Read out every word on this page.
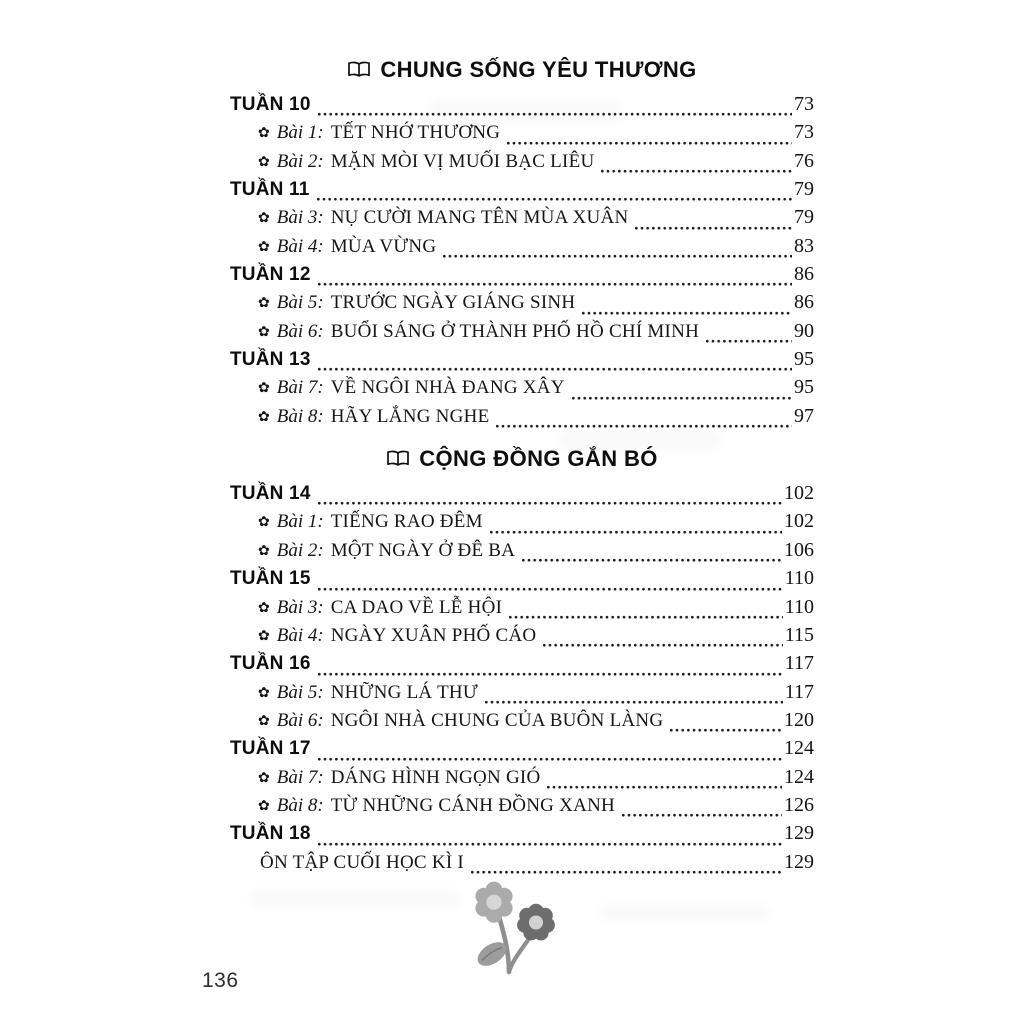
CHUNG SỐNG YÊU THƯƠNG
TUẦN 10	73
✿ Bài 1: TẾT NHỚ THƯƠNG	73
✿ Bài 2: MẶN MÒI VỊ MUỐI BẠC LIÊU	76
TUẦN 11	79
✿ Bài 3: NỤ CƯỜI MANG TÊN MÙA XUÂN	79
✿ Bài 4: MÙA VỪNG	83
TUẦN 12	86
✿ Bài 5: TRƯỚC NGÀY GIÁNG SINH	86
✿ Bài 6: BUỔI SÁNG Ở THÀNH PHỐ HỒ CHÍ MINH	90
TUẦN 13	95
✿ Bài 7: VỀ NGÔI NHÀ ĐANG XÂY	95
✿ Bài 8: HÃY LẮNG NGHE	97
CỘNG ĐỒNG GẮN BÓ
TUẦN 14	102
✿ Bài 1: TIẾNG RAO ĐÊM	102
✿ Bài 2: MỘT NGÀY Ở ĐÊ BA	106
TUẦN 15	110
✿ Bài 3: CA DAO VỀ LỄ HỘI	110
✿ Bài 4: NGÀY XUÂN PHỐ CÁO	115
TUẦN 16	117
✿ Bài 5: NHỮNG LÁ THƯ	117
✿ Bài 6: NGÔI NHÀ CHUNG CỦA BUÔN LÀNG	120
TUẦN 17	124
✿ Bài 7: DÁNG HÌNH NGỌN GIÓ	124
✿ Bài 8: TỪ NHỮNG CÁNH ĐỒNG XANH	126
TUẦN 18	129
ÔN TẬP CUỐI HỌC KÌ I	129
136
